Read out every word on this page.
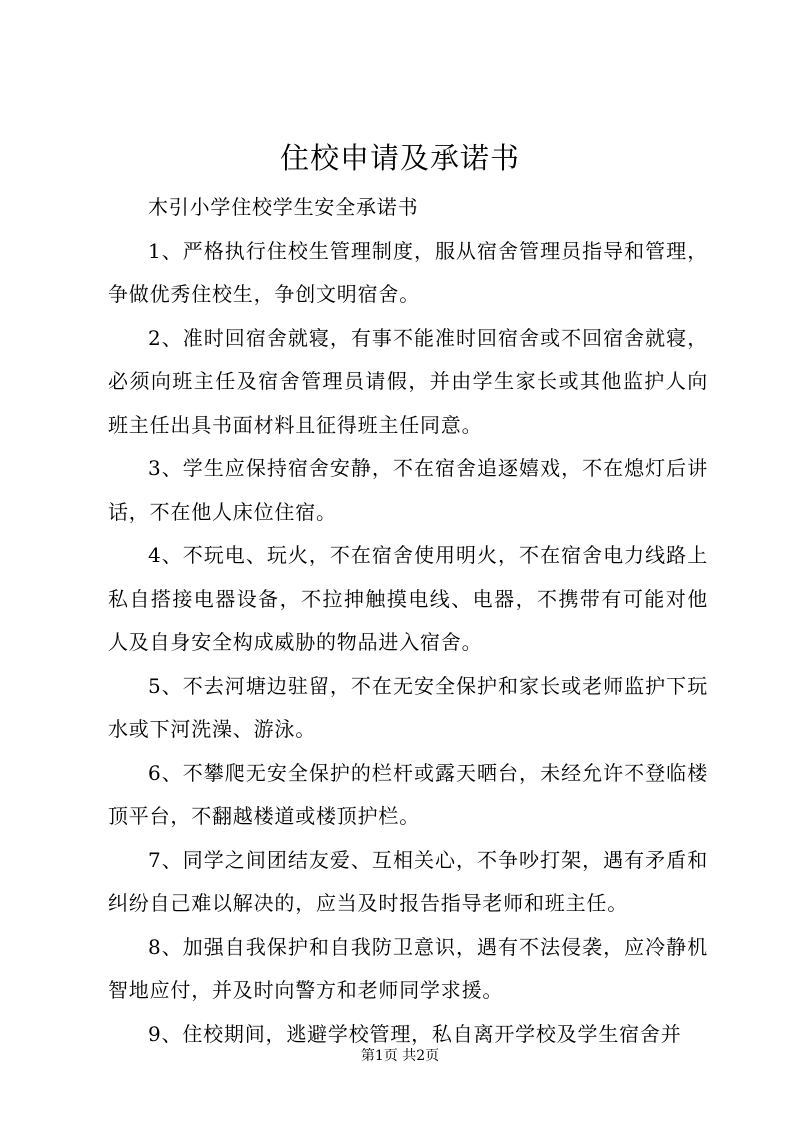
住校申请及承诺书

木引小学住校学生安全承诺书

1、严格执行住校生管理制度，服从宿舍管理员指导和管理，争做优秀住校生，争创文明宿舍。

2、准时回宿舍就寝，有事不能准时回宿舍或不回宿舍就寝，必须向班主任及宿舍管理员请假，并由学生家长或其他监护人向班主任出具书面材料且征得班主任同意。

3、学生应保持宿舍安静，不在宿舍追逐嬉戏，不在熄灯后讲话，不在他人床位住宿。

4、不玩电、玩火，不在宿舍使用明火，不在宿舍电力线路上私自搭接电器设备，不拉抻触摸电线、电器，不携带有可能对他人及自身安全构成威胁的物品进入宿舍。

5、不去河塘边驻留，不在无安全保护和家长或老师监护下玩水或下河洗澡、游泳。

6、不攀爬无安全保护的栏杆或露天晒台，未经允许不登临楼顶平台，不翻越楼道或楼顶护栏。

7、同学之间团结友爱、互相关心，不争吵打架，遇有矛盾和纠纷自己难以解决的，应当及时报告指导老师和班主任。

8、加强自我保护和自我防卫意识，遇有不法侵袭，应冷静机智地应付，并及时向警方和老师同学求援。

9、住校期间，逃避学校管理，私自离开学校及学生宿舍并

第1页 共2页
